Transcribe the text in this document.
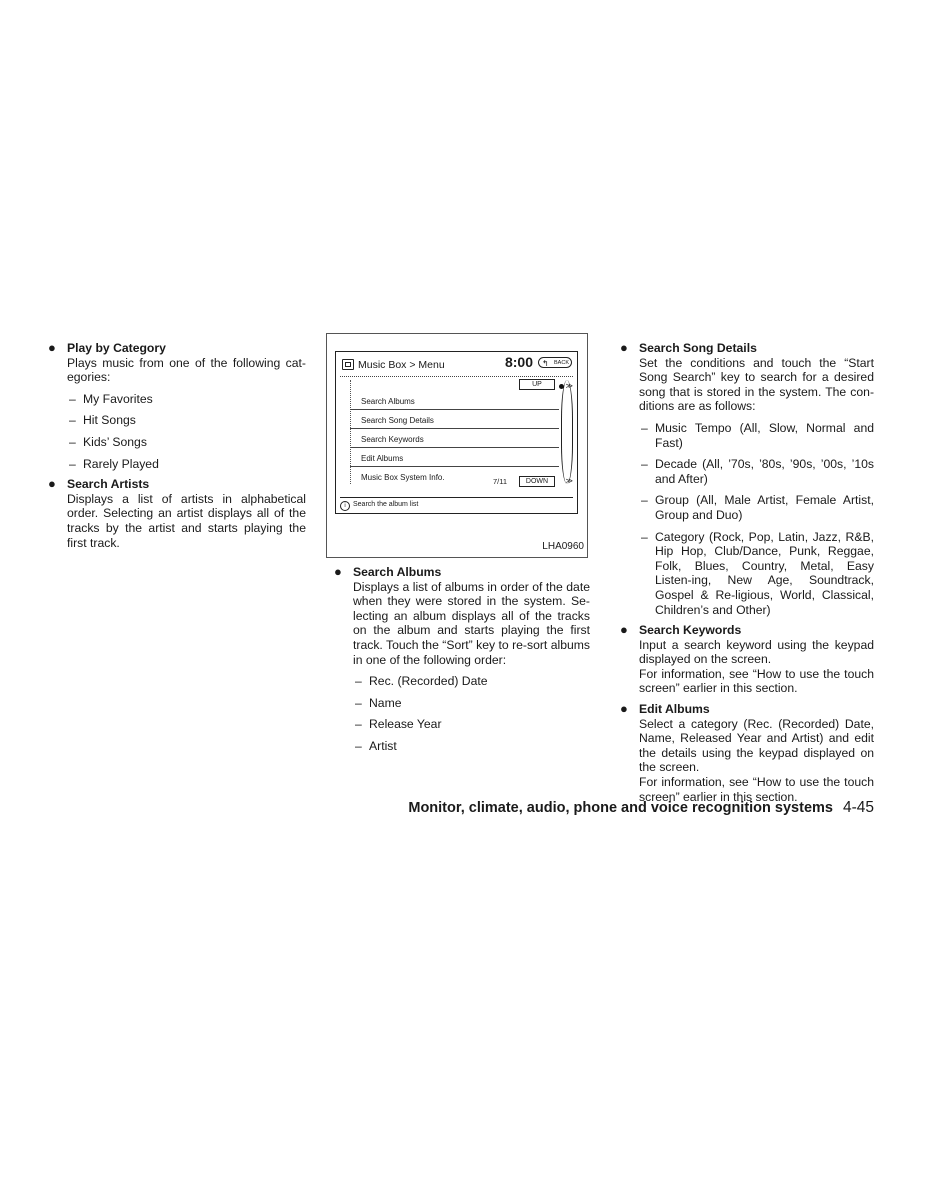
● Play by Category

Plays music from one of the following cat-egories:

– My Favorites
– Hit Songs
– Kids’ Songs
– Rarely Played
● Search Artists

Displays a list of artists in alphabetical order. Selecting an artist displays all of the tracks by the artist and starts playing the first track.

Music Box > Menu	8:00 ↰ BACK
UP
Search Albums
Search Song Details
Search Keywords
Edit Albums
Music Box System Info.	7/11	DOWN
≫
≫
i Search the album list
LHA0960
● Search Albums

Displays a list of albums in order of the date when they were stored in the system. Se-lecting an album displays all of the tracks on the album and starts playing the first track. Touch the “Sort” key to re-sort albums in one of the following order:

– Rec. (Recorded) Date
– Name
– Release Year
– Artist
● Search Song Details

Set the conditions and touch the “Start Song Search” key to search for a desired song that is stored in the system. The con-ditions are as follows:

– Music Tempo (All, Slow, Normal and Fast)
– Decade (All, ’70s, ’80s, ’90s, ’00s, ’10s and After)
– Group (All, Male Artist, Female Artist, Group and Duo)
– Category (Rock, Pop, Latin, Jazz, R&B, Hip Hop, Club/Dance, Punk, Reggae, Folk, Blues, Country, Metal, Easy Listen-ing, New Age, Soundtrack, Gospel & Re-ligious, World, Classical, Children’s and Other)
● Search Keywords

Input a search keyword using the keypad displayed on the screen.

For information, see “How to use the touch screen” earlier in this section.

● Edit Albums

Select a category (Rec. (Recorded) Date, Name, Released Year and Artist) and edit the details using the keypad displayed on the screen.

For information, see “How to use the touch screen” earlier in this section.

Monitor, climate, audio, phone and voice recognition systems 4-45
